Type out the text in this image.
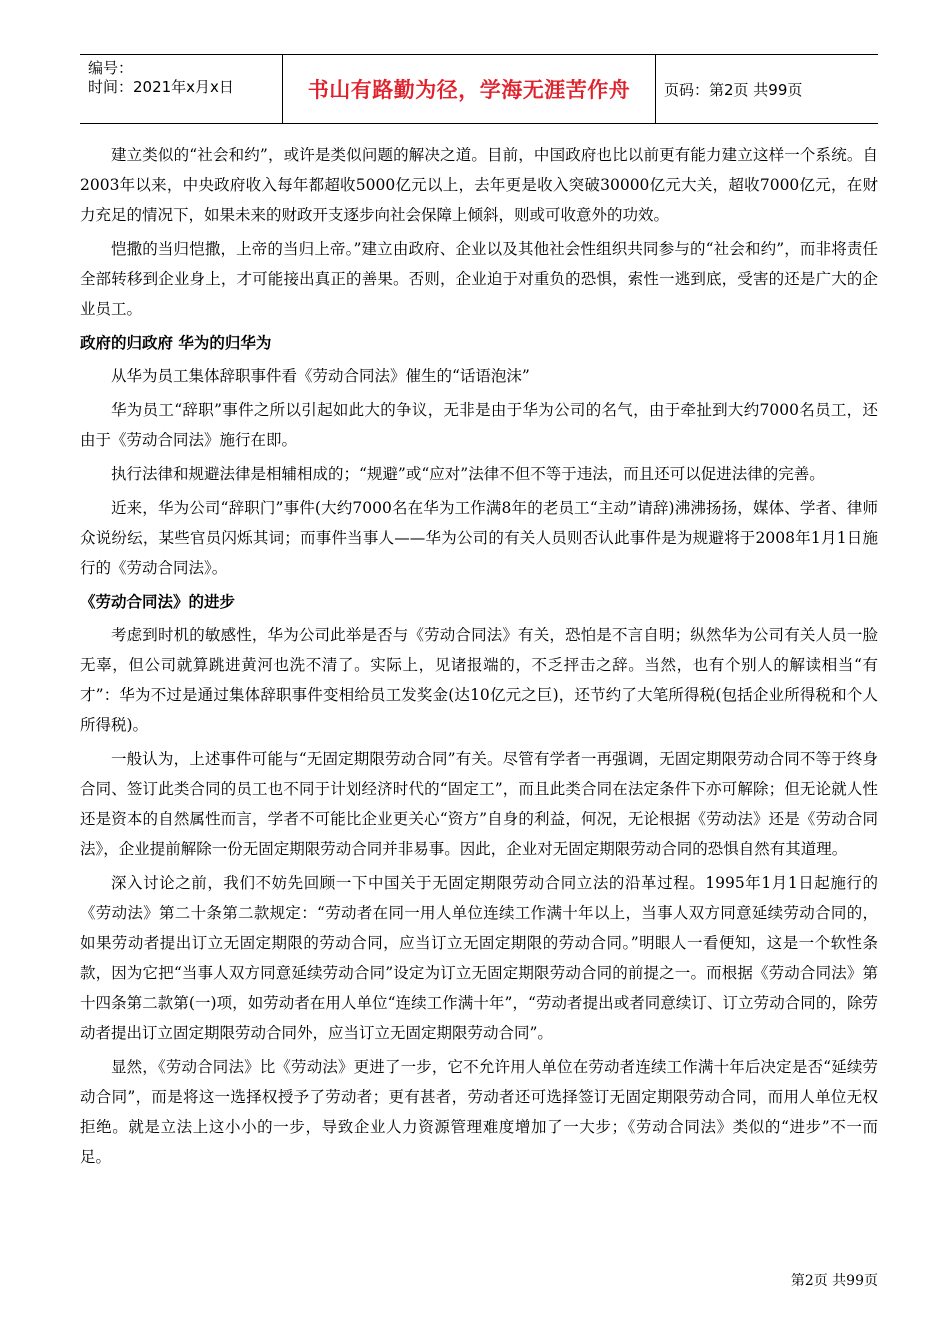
编号：
时间：2021年x月x日	书山有路勤为径，学海无涯苦作舟	页码：第2页 共99页
建立类似的“社会和约”，或许是类似问题的解决之道。目前，中国政府也比以前更有能力建立这样一个系统。自2003年以来，中央政府收入每年都超收5000亿元以上，去年更是收入突破30000亿元大关，超收7000亿元，在财力充足的情况下，如果未来的财政开支逐步向社会保障上倾斜，则或可收意外的功效。
恺撒的当归恺撒，上帝的当归上帝。”建立由政府、企业以及其他社会性组织共同参与的“社会和约”，而非将责任全部转移到企业身上，才可能接出真正的善果。否则，企业迫于对重负的恐惧，索性一逃到底，受害的还是广大的企业员工。
政府的归政府 华为的归华为
从华为员工集体辞职事件看《劳动合同法》催生的“话语泡沫”
华为员工“辞职”事件之所以引起如此大的争议，无非是由于华为公司的名气，由于牵扯到大约7000名员工，还由于《劳动合同法》施行在即。
执行法律和规避法律是相辅相成的；“规避”或“应对”法律不但不等于违法，而且还可以促进法律的完善。
近来，华为公司“辞职门”事件(大约7000名在华为工作满8年的老员工“主动”请辞)沸沸扬扬，媒体、学者、律师众说纷纭，某些官员闪烁其词；而事件当事人——华为公司的有关人员则否认此事件是为规避将于2008年1月1日施行的《劳动合同法》。
《劳动合同法》的进步
考虑到时机的敏感性，华为公司此举是否与《劳动合同法》有关，恐怕是不言自明；纵然华为公司有关人员一脸无辜，但公司就算跳进黄河也洗不清了。实际上，见诸报端的，不乏抨击之辞。当然，也有个别人的解读相当“有才”：华为不过是通过集体辞职事件变相给员工发奖金(达10亿元之巨)，还节约了大笔所得税(包括企业所得税和个人所得税)。
一般认为，上述事件可能与“无固定期限劳动合同”有关。尽管有学者一再强调，无固定期限劳动合同不等于终身合同、签订此类合同的员工也不同于计划经济时代的“固定工”，而且此类合同在法定条件下亦可解除；但无论就人性还是资本的自然属性而言，学者不可能比企业更关心“资方”自身的利益，何况，无论根据《劳动法》还是《劳动合同法》，企业提前解除一份无固定期限劳动合同并非易事。因此，企业对无固定期限劳动合同的恐惧自然有其道理。
深入讨论之前，我们不妨先回顾一下中国关于无固定期限劳动合同立法的沿革过程。1995年1月1日起施行的《劳动法》第二十条第二款规定：“劳动者在同一用人单位连续工作满十年以上，当事人双方同意延续劳动合同的，如果劳动者提出订立无固定期限的劳动合同，应当订立无固定期限的劳动合同。”明眼人一看便知，这是一个软性条款，因为它把“当事人双方同意延续劳动合同”设定为订立无固定期限劳动合同的前提之一。而根据《劳动合同法》第十四条第二款第(一)项，如劳动者在用人单位“连续工作满十年”，“劳动者提出或者同意续订、订立劳动合同的，除劳动者提出订立固定期限劳动合同外，应当订立无固定期限劳动合同”。
显然，《劳动合同法》比《劳动法》更进了一步，它不允许用人单位在劳动者连续工作满十年后决定是否“延续劳动合同”，而是将这一选择权授予了劳动者；更有甚者，劳动者还可选择签订无固定期限劳动合同，而用人单位无权拒绝。就是立法上这小小的一步，导致企业人力资源管理难度增加了一大步；《劳动合同法》类似的“进步”不一而足。
第2页 共99页
